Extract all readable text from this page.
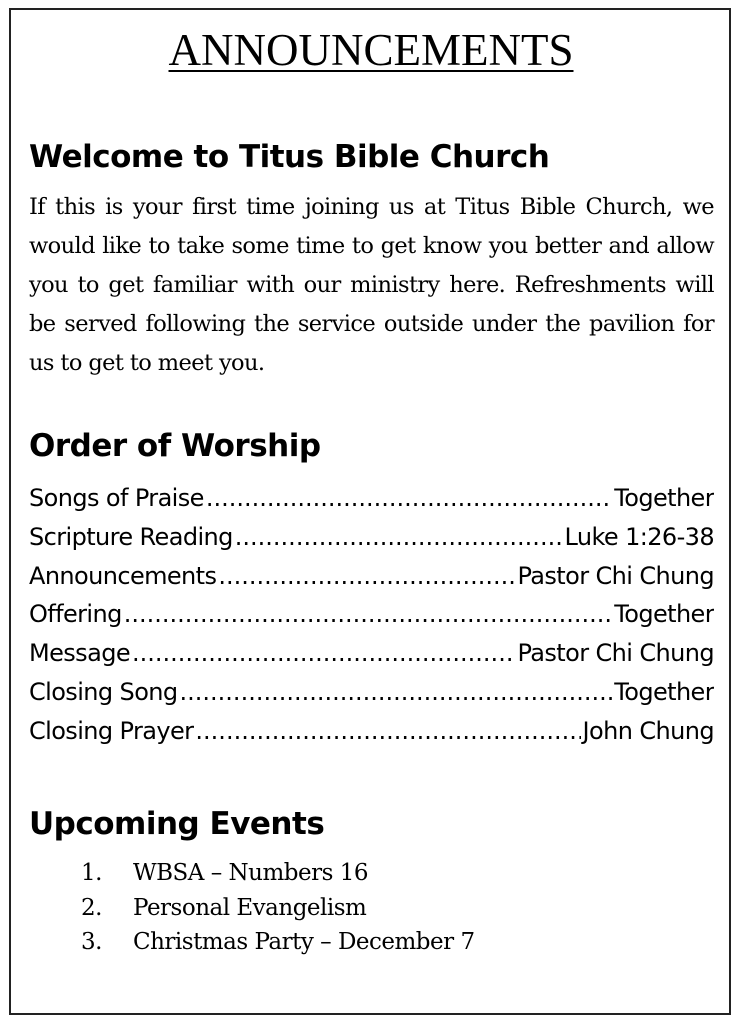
ANNOUNCEMENTS
Welcome to Titus Bible Church
If this is your first time joining us at Titus Bible Church, we would like to take some time to get know you better and allow you to get familiar with our ministry here. Refreshments will be served following the service outside under the pavilion for us to get to meet you.
Order of Worship
Songs of Praise .....	Together
Scripture Reading .....	Luke 1:26-38
Announcements .....	Pastor Chi Chung
Offering .....	Together
Message .....	Pastor Chi Chung
Closing Song .....	Together
Closing Prayer .....	John Chung
Upcoming Events
1.	WBSA – Numbers 16
2.	Personal Evangelism
3.	Christmas Party – December 7
